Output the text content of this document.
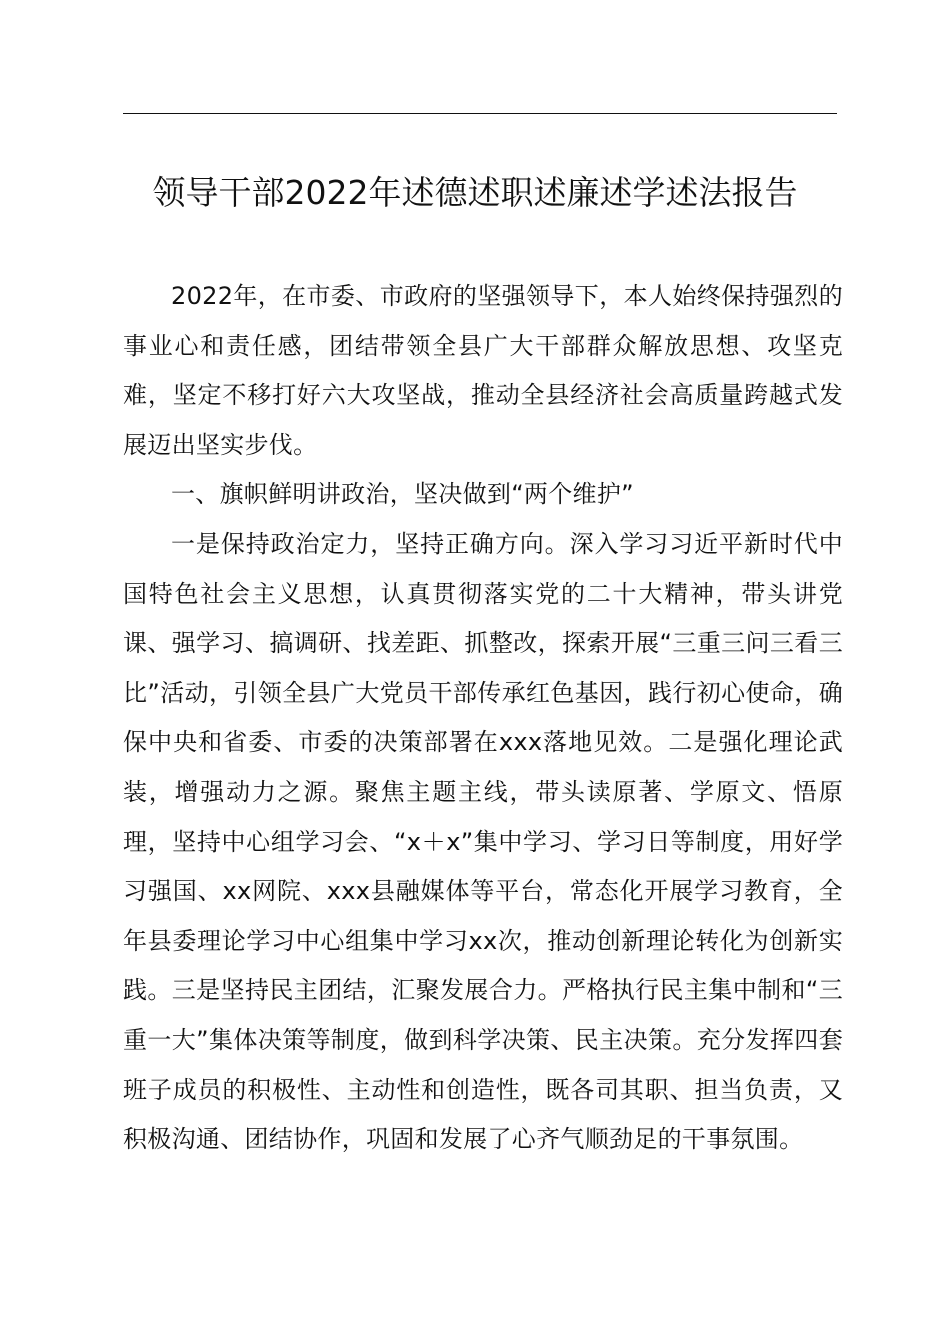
领导干部2022年述德述职述廉述学述法报告

2022年，在市委、市政府的坚强领导下，本人始终保持强烈的事业心和责任感，团结带领全县广大干部群众解放思想、攻坚克难，坚定不移打好六大攻坚战，推动全县经济社会高质量跨越式发展迈出坚实步伐。

一、旗帜鲜明讲政治，坚决做到“两个维护”

一是保持政治定力，坚持正确方向。深入学习习近平新时代中国特色社会主义思想，认真贯彻落实党的二十大精神，带头讲党课、强学习、搞调研、找差距、抓整改，探索开展“三重三问三看三比”活动，引领全县广大党员干部传承红色基因，践行初心使命，确保中央和省委、市委的决策部署在xxx落地见效。二是强化理论武装，增强动力之源。聚焦主题主线，带头读原著、学原文、悟原理，坚持中心组学习会、“x＋x”集中学习、学习日等制度，用好学习强国、xx网院、xxx县融媒体等平台，常态化开展学习教育，全年县委理论学习中心组集中学习xx次，推动创新理论转化为创新实践。三是坚持民主团结，汇聚发展合力。严格执行民主集中制和“三重一大”集体决策等制度，做到科学决策、民主决策。充分发挥四套班子成员的积极性、主动性和创造性，既各司其职、担当负责，又积极沟通、团结协作，巩固和发展了心齐气顺劲足的干事氛围。
